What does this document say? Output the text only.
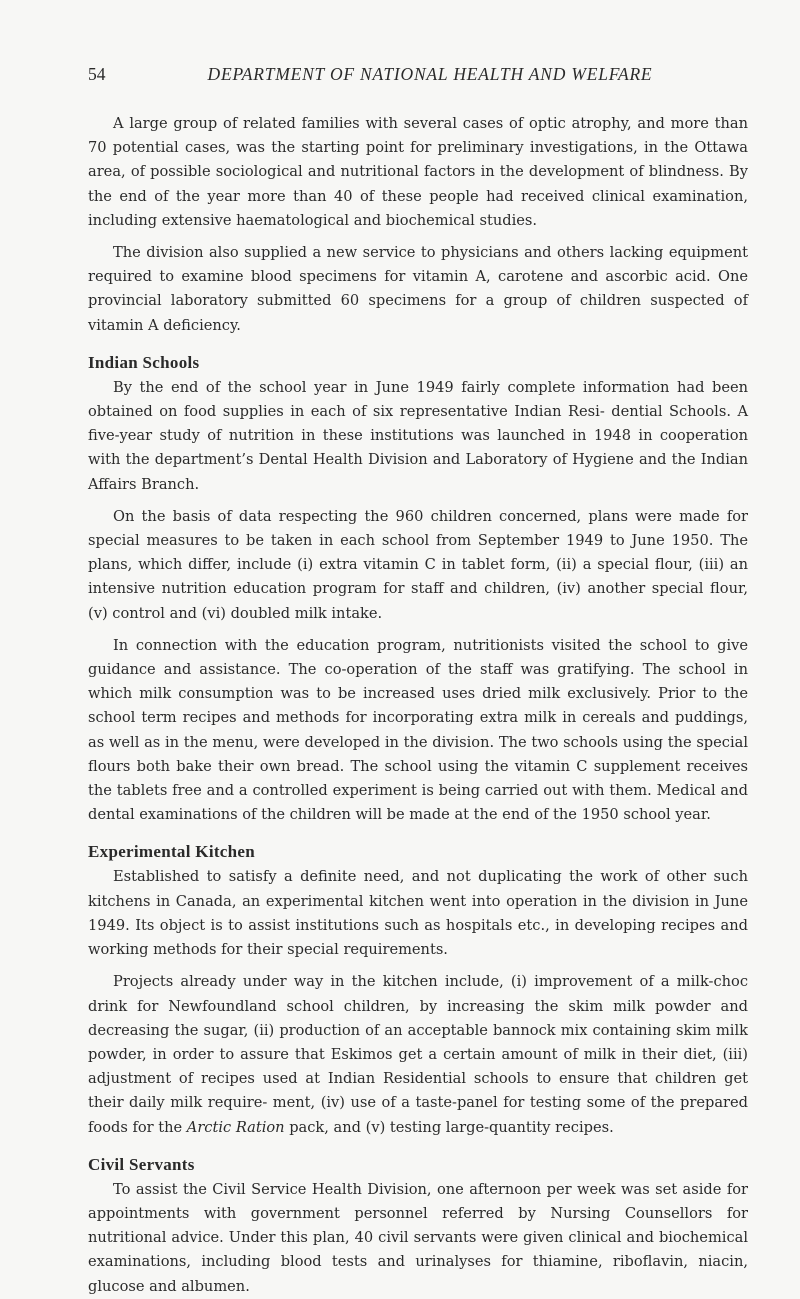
54	DEPARTMENT OF NATIONAL HEALTH AND WELFARE

A large group of related families with several cases of optic atrophy, and more than 70 potential cases, was the starting point for preliminary investigations, in the Ottawa area, of possible sociological and nutritional factors in the development of blindness. By the end of the year more than 40 of these people had received clinical examination, including extensive haematological and biochemical studies.

The division also supplied a new service to physicians and others lacking equipment required to examine blood specimens for vitamin A, carotene and ascorbic acid. One provincial laboratory submitted 60 specimens for a group of children suspected of vitamin A deficiency.

Indian Schools

By the end of the school year in June 1949 fairly complete information had been obtained on food supplies in each of six representative Indian Resi- dential Schools. A five-year study of nutrition in these institutions was launched in 1948 in cooperation with the department’s Dental Health Division and Laboratory of Hygiene and the Indian Affairs Branch.

On the basis of data respecting the 960 children concerned, plans were made for special measures to be taken in each school from September 1949 to June 1950. The plans, which differ, include (i) extra vitamin C in tablet form, (ii) a special flour, (iii) an intensive nutrition education program for staff and children, (iv) another special flour, (v) control and (vi) doubled milk intake.

In connection with the education program, nutritionists visited the school to give guidance and assistance. The co-operation of the staff was gratifying. The school in which milk consumption was to be increased uses dried milk exclusively. Prior to the school term recipes and methods for incorporating extra milk in cereals and puddings, as well as in the menu, were developed in the division. The two schools using the special flours both bake their own bread. The school using the vitamin C supplement receives the tablets free and a controlled experiment is being carried out with them. Medical and dental examinations of the children will be made at the end of the 1950 school year.

Experimental Kitchen

Established to satisfy a definite need, and not duplicating the work of other such kitchens in Canada, an experimental kitchen went into operation in the division in June 1949. Its object is to assist institutions such as hospitals etc., in developing recipes and working methods for their special requirements.

Projects already under way in the kitchen include, (i) improvement of a milk-choc drink for Newfoundland school children, by increasing the skim milk powder and decreasing the sugar, (ii) production of an acceptable bannock mix containing skim milk powder, in order to assure that Eskimos get a certain amount of milk in their diet, (iii) adjustment of recipes used at Indian Residential schools to ensure that children get their daily milk require- ment, (iv) use of a taste-panel for testing some of the prepared foods for the Arctic Ration pack, and (v) testing large-quantity recipes.

Civil Servants

To assist the Civil Service Health Division, one afternoon per week was set aside for appointments with government personnel referred by Nursing Counsellors for nutritional advice. Under this plan, 40 civil servants were given clinical and biochemical examinations, including blood tests and urinalyses for thiamine, riboflavin, niacin, glucose and albumen.
